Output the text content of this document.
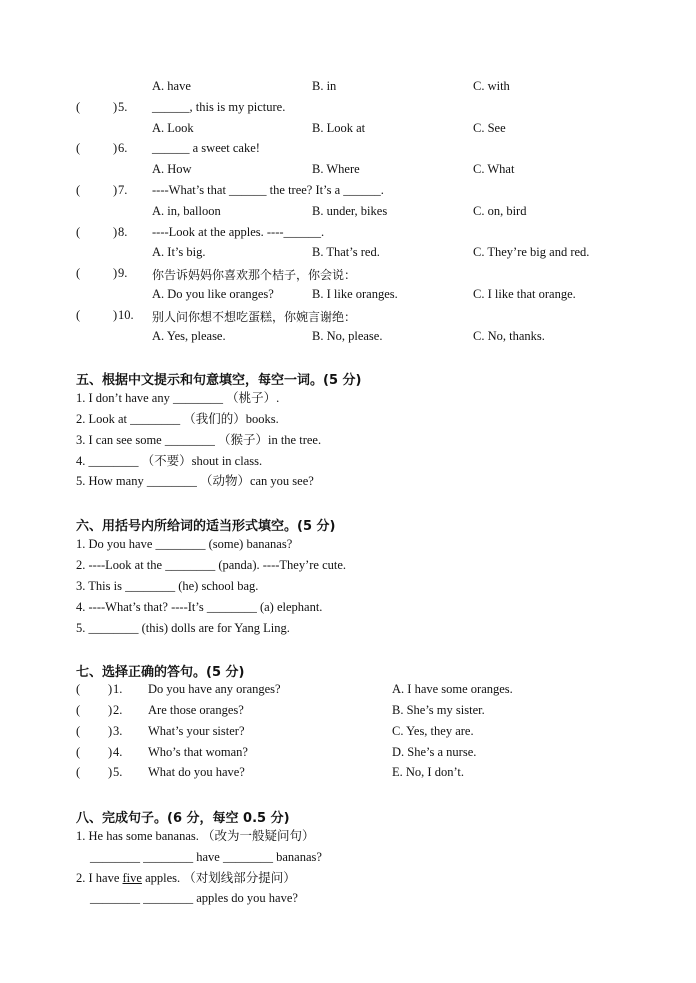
A. have	B. in	C. with
(	) 5. ______, this is my picture.
A. Look	B. Look at	C. See
(	) 6. ______ a sweet cake!
A. How	B. Where	C. What
(	) 7. ----What’s that ______ the tree? It’s a ______.
A. in, balloon	B. under, bikes	C. on, bird
(	) 8. ----Look at the apples. ----______.
A. It’s big.	B. That’s red.	C. They’re big and red.
(	) 9. 你告诉妈妈你喜欢那个桔子，你会说：
A. Do you like oranges?	B. I like oranges.	C. I like that orange.
(	) 10. 别人问你想不想吃蛋糕，你婉言谢绝：
A. Yes, please.	B. No, please.	C. No, thanks.
五、根据中文提示和句意填空，每空一词。(5 分)
1. I don’t have any ________ （桃子）.
2. Look at ________ （我们的）books.
3. I can see some ________ （猴子）in the tree.
4. ________ （不要）shout in class.
5. How many ________ （动物）can you see?
六、用括号内所给词的适当形式填空。(5 分)
1. Do you have ________ (some) bananas?
2. ----Look at the ________ (panda). ----They’re cute.
3. This is ________ (he) school bag.
4. ----What’s that? ----It’s ________ (a) elephant.
5. ________ (this) dolls are for Yang Ling.
七、选择正确的答句。(5 分)
( ) 1. Do you have any oranges?	A. I have some oranges.
( ) 2. Are those oranges?	B. She’s my sister.
( ) 3. What’s your sister?	C. Yes, they are.
( ) 4. Who’s that woman?	D. She’s a nurse.
( ) 5. What do you have?	E. No, I don’t.
八、完成句子。(6 分，每空 0.5 分)
1. He has some bananas. （改为一般疑问句）
________ ________ have ________ bananas?
2. I have five apples. （对划线部分提问）
________ ________ apples do you have?
